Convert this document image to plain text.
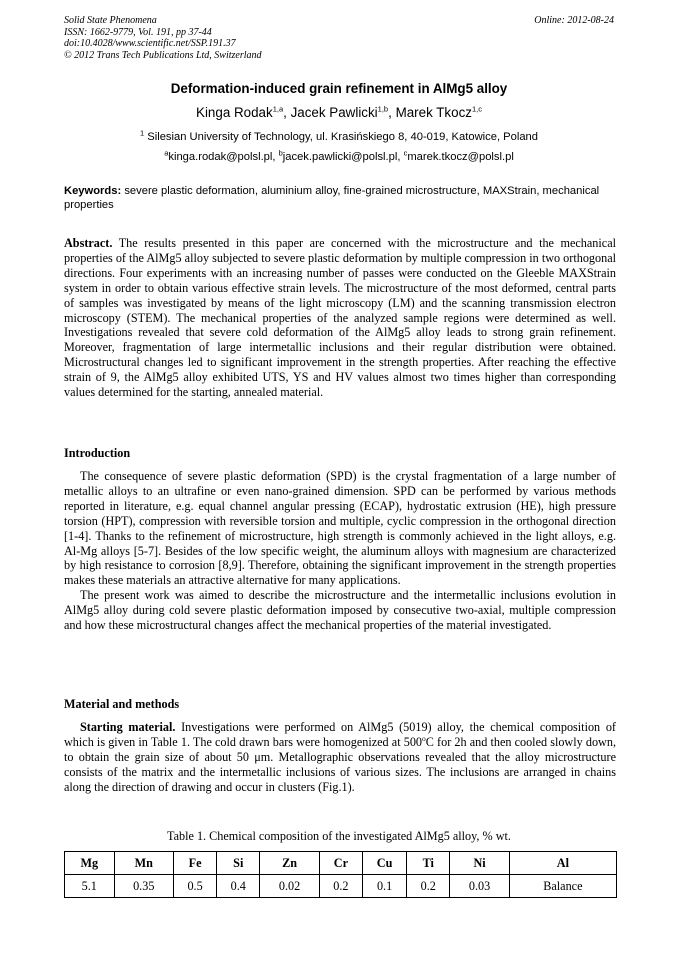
Solid State Phenomena
ISSN: 1662-9779, Vol. 191, pp 37-44
doi:10.4028/www.scientific.net/SSP.191.37
© 2012 Trans Tech Publications Ltd, Switzerland
Online: 2012-08-24
Deformation-induced grain refinement in AlMg5 alloy
Kinga Rodak$^{1,a}$, Jacek Pawlicki$^{1,b}$, Marek Tkocz$^{1,c}$
$^1$ Silesian University of Technology, ul. Krasińskiego 8, 40-019, Katowice, Poland
$^a$kinga.rodak@polsl.pl, $^b$jacek.pawlicki@polsl.pl, $^c$marek.tkocz@polsl.pl
Keywords: severe plastic deformation, aluminium alloy, fine-grained microstructure, MAXStrain, mechanical properties

Abstract. The results presented in this paper are concerned with the microstructure and the mechanical properties of the AlMg5 alloy subjected to severe plastic deformation by multiple compression in two orthogonal directions. Four experiments with an increasing number of passes were conducted on the Gleeble MAXStrain system in order to obtain various effective strain levels. The microstructure of the most deformed, central parts of samples was investigated by means of the light microscopy (LM) and the scanning transmission electron microscopy (STEM). The mechanical properties of the analyzed sample regions were determined as well. Investigations revealed that severe cold deformation of the AlMg5 alloy leads to strong grain refinement. Moreover, fragmentation of large intermetallic inclusions and their regular distribution were obtained. Microstructural changes led to significant improvement in the strength properties. After reaching the effective strain of 9, the AlMg5 alloy exhibited UTS, YS and HV values almost two times higher than corresponding values determined for the starting, annealed material.

Introduction

The consequence of severe plastic deformation (SPD) is the crystal fragmentation of a large number of metallic alloys to an ultrafine or even nano-grained dimension. SPD can be performed by various methods reported in literature, e.g. equal channel angular pressing (ECAP), hydrostatic extrusion (HE), high pressure torsion (HPT), compression with reversible torsion and multiple, cyclic compression in the orthogonal direction [1-4]. Thanks to the refinement of microstructure, high strength is commonly achieved in the light alloys, e.g. Al-Mg alloys [5-7]. Besides of the low specific weight, the aluminum alloys with magnesium are characterized by high resistance to corrosion [8,9]. Therefore, obtaining the significant improvement in the strength properties makes these materials an attractive alternative for many applications.

The present work was aimed to describe the microstructure and the intermetallic inclusions evolution in AlMg5 alloy during cold severe plastic deformation imposed by consecutive two-axial, multiple compression and how these microstructural changes affect the mechanical properties of the material investigated.

Material and methods

Starting material. Investigations were performed on AlMg5 (5019) alloy, the chemical composition of which is given in Table 1. The cold drawn bars were homogenized at 500$^o$C for 2h and then cooled slowly down, to obtain the grain size of about 50 μm. Metallographic observations revealed that the alloy microstructure consists of the matrix and the intermetallic inclusions of various sizes. The inclusions are arranged in chains along the direction of drawing and occur in clusters (Fig.1).

Table 1. Chemical composition of the investigated AlMg5 alloy, % wt.
Mg	Mn	Fe	Si	Zn	Cr	Cu	Ti	Ni	Al
5.1	0.35	0.5	0.4	0.02	0.2	0.1	0.2	0.03	Balance
